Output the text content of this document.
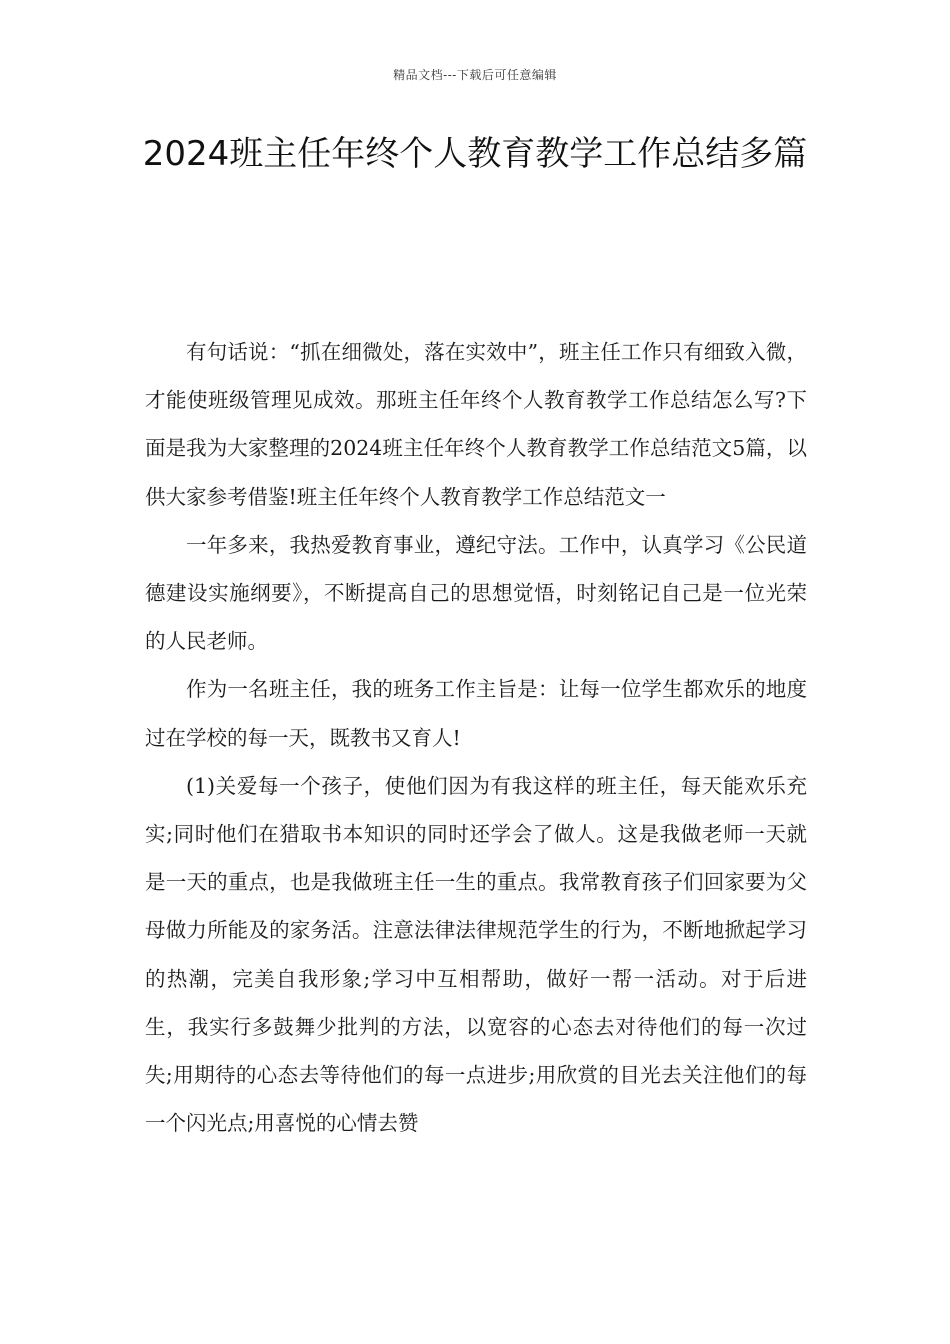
精品文档---下载后可任意编辑
2024班主任年终个人教育教学工作总结多篇

有句话说：“抓在细微处，落在实效中”，班主任工作只有细致入微，才能使班级管理见成效。那班主任年终个人教育教学工作总结怎么写?下面是我为大家整理的2024班主任年终个人教育教学工作总结范文5篇，以供大家参考借鉴!班主任年终个人教育教学工作总结范文一

一年多来，我热爱教育事业，遵纪守法。工作中，认真学习《公民道德建设实施纲要》，不断提高自己的思想觉悟，时刻铭记自己是一位光荣的人民老师。

作为一名班主任，我的班务工作主旨是：让每一位学生都欢乐的地度过在学校的每一天，既教书又育人!

(1)关爱每一个孩子，使他们因为有我这样的班主任，每天能欢乐充实;同时他们在猎取书本知识的同时还学会了做人。这是我做老师一天就是一天的重点，也是我做班主任一生的重点。我常教育孩子们回家要为父母做力所能及的家务活。注意法律法律规范学生的行为，不断地掀起学习的热潮，完美自我形象;学习中互相帮助，做好一帮一活动。对于后进生，我实行多鼓舞少批判的方法，以宽容的心态去对待他们的每一次过失;用期待的心态去等待他们的每一点进步;用欣赏的目光去关注他们的每一个闪光点;用喜悦的心情去赞
